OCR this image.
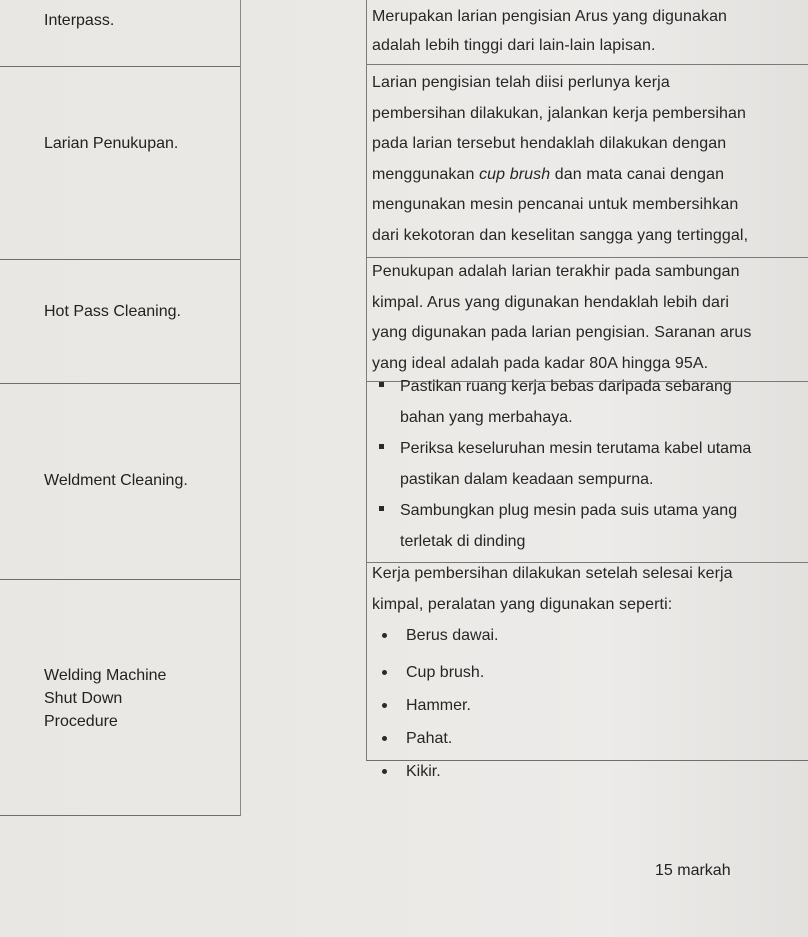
Interpass.
Larian Penukupan.
Hot Pass Cleaning.
Weldment Cleaning.
Welding Machine
Shut Down
Procedure
Merupakan larian pengisian Arus yang digunakan
adalah lebih tinggi dari lain-lain lapisan.
Larian pengisian telah diisi perlunya kerja
pembersihan dilakukan, jalankan kerja pembersihan
pada larian tersebut hendaklah dilakukan dengan
menggunakan cup brush dan mata canai dengan
mengunakan mesin pencanai untuk membersihkan
dari kekotoran dan keselitan sangga yang tertinggal,
Penukupan adalah larian terakhir pada sambungan
kimpal. Arus yang digunakan hendaklah lebih dari
yang digunakan pada larian pengisian. Saranan arus
yang ideal adalah pada kadar 80A hingga 95A.
Pastikan ruang kerja bebas daripada sebarang
bahan yang merbahaya.
Periksa keseluruhan mesin terutama kabel utama
pastikan dalam keadaan sempurna.
Sambungkan plug mesin pada suis utama yang
terletak di dinding
Kerja pembersihan dilakukan setelah selesai kerja
kimpal, peralatan yang digunakan seperti:
Berus dawai.
Cup brush.
Hammer.
Pahat.
Kikir.
15 markah
